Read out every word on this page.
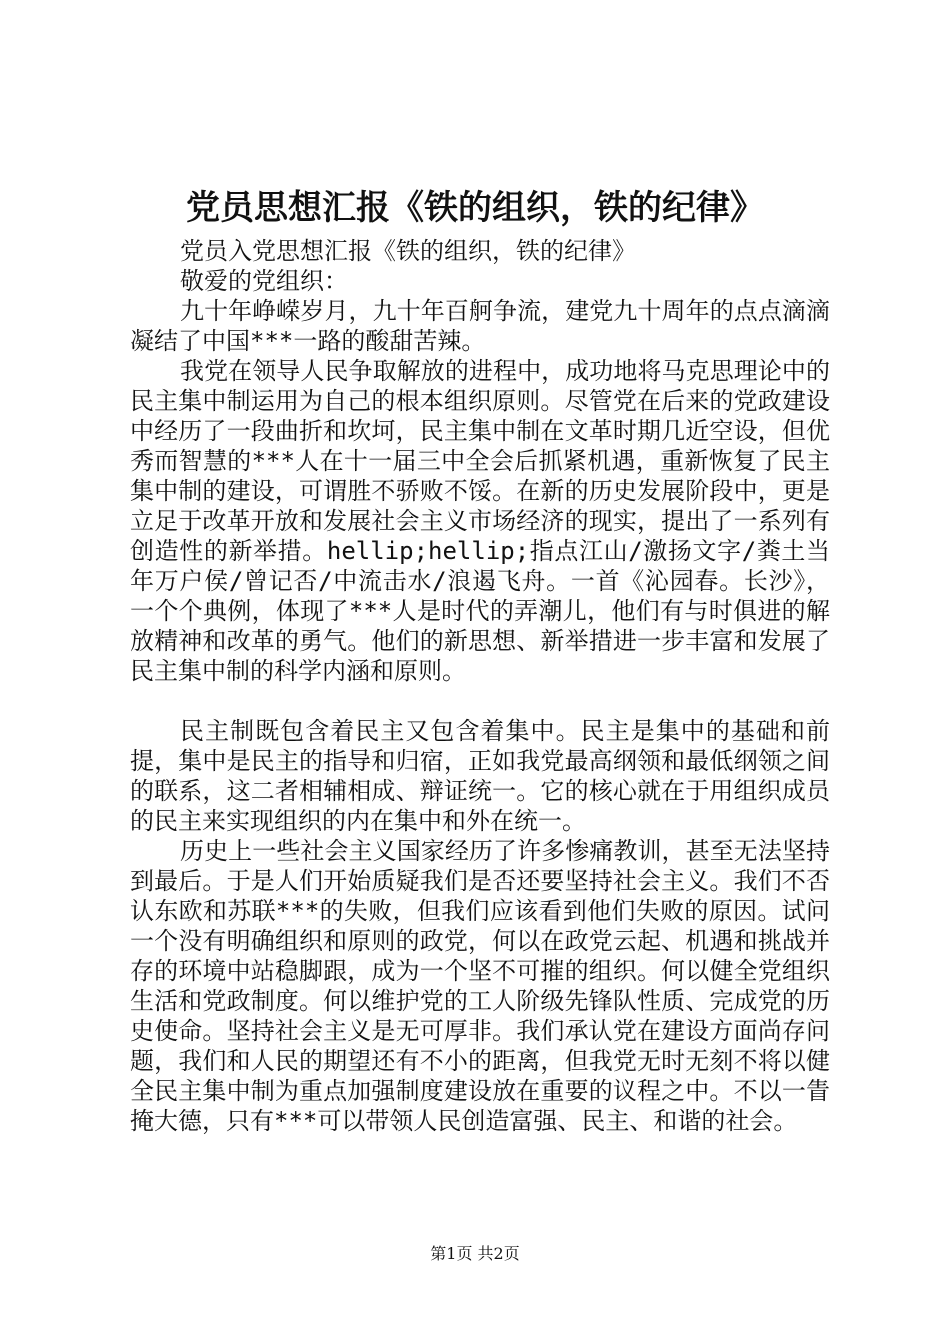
党员思想汇报《铁的组织，铁的纪律》

党员入党思想汇报《铁的组织，铁的纪律》

敬爱的党组织：

九十年峥嵘岁月，九十年百舸争流，建党九十周年的点点滴滴凝结了中国***一路的酸甜苦辣。

我党在领导人民争取解放的进程中，成功地将马克思理论中的民主集中制运用为自己的根本组织原则。尽管党在后来的党政建设中经历了一段曲折和坎坷，民主集中制在文革时期几近空设，但优秀而智慧的***人在十一届三中全会后抓紧机遇，重新恢复了民主集中制的建设，可谓胜不骄败不馁。在新的历史发展阶段中，更是立足于改革开放和发展社会主义市场经济的现实，提出了一系列有创造性的新举措。hellip;hellip;指点江山/激扬文字/粪土当年万户侯/曾记否/中流击水/浪遏飞舟。一首《沁园春。长沙》，一个个典例，体现了***人是时代的弄潮儿，他们有与时俱进的解放精神和改革的勇气。他们的新思想、新举措进一步丰富和发展了民主集中制的科学内涵和原则。

民主制既包含着民主又包含着集中。民主是集中的基础和前提，集中是民主的指导和归宿，正如我党最高纲领和最低纲领之间的联系，这二者相辅相成、辩证统一。它的核心就在于用组织成员的民主来实现组织的内在集中和外在统一。

历史上一些社会主义国家经历了许多惨痛教训，甚至无法坚持到最后。于是人们开始质疑我们是否还要坚持社会主义。我们不否认东欧和苏联***的失败，但我们应该看到他们失败的原因。试问一个没有明确组织和原则的政党，何以在政党云起、机遇和挑战并存的环境中站稳脚跟，成为一个坚不可摧的组织。何以健全党组织生活和党政制度。何以维护党的工人阶级先锋队性质、完成党的历史使命。坚持社会主义是无可厚非。我们承认党在建设方面尚存问题，我们和人民的期望还有不小的距离，但我党无时无刻不将以健全民主集中制为重点加强制度建设放在重要的议程之中。不以一眚掩大德，只有***可以带领人民创造富强、民主、和谐的社会。

第1页 共2页
